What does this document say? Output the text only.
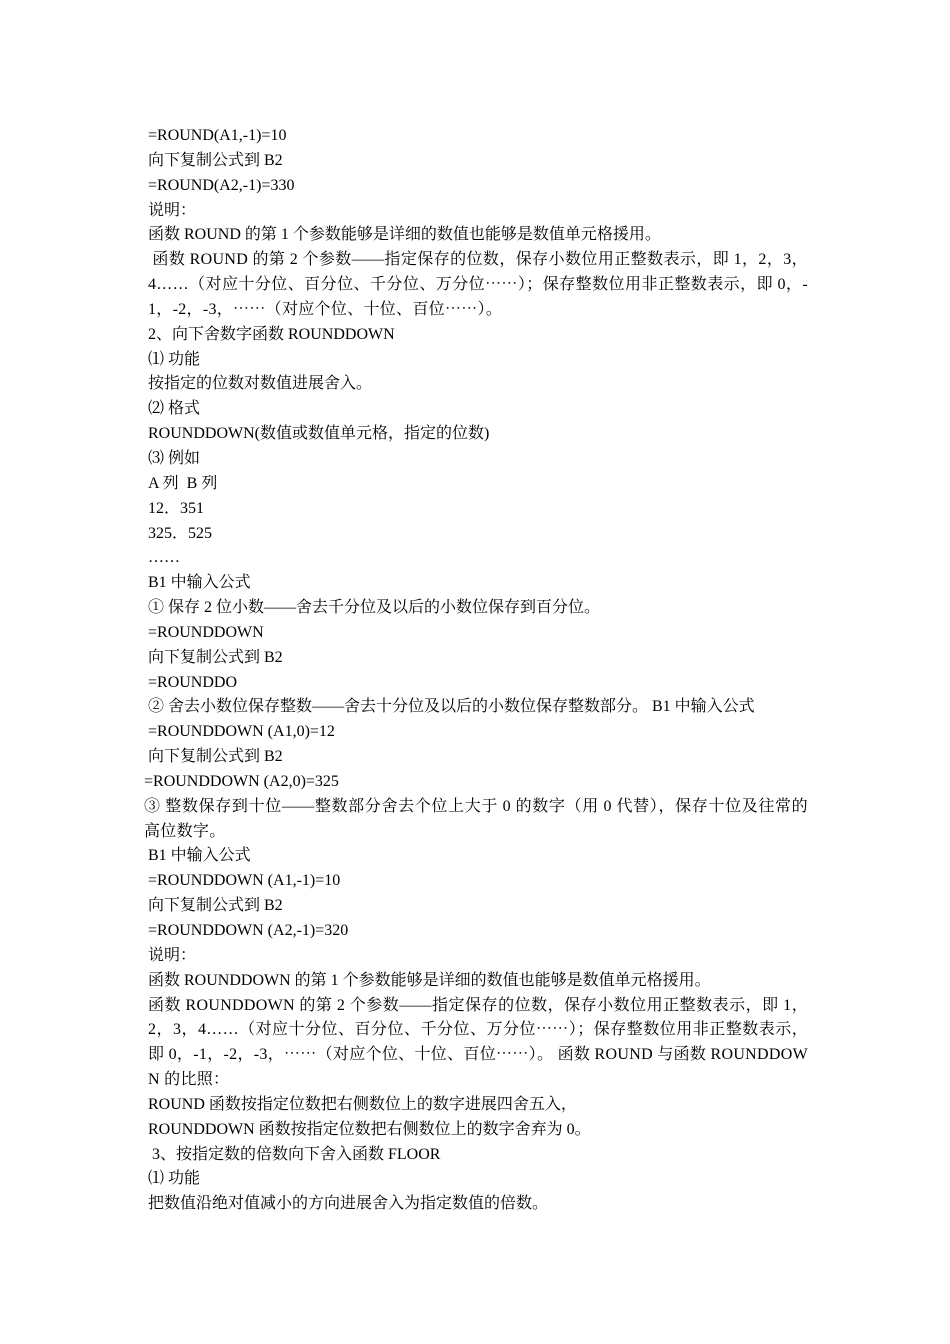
=ROUND(A1,-1)=10
向下复制公式到 B2
=ROUND(A2,-1)=330
说明：
函数 ROUND 的第 1 个参数能够是详细的数值也能够是数值单元格援用。
函数 ROUND 的第 2 个参数——指定保存的位数，保存小数位用正整数表示，即 1，2，3，4……（对应十分位、百分位、千分位、万分位⋯⋯）；保存整数位用非正整数表示，即 0，-1，-2，-3，⋯⋯（对应个位、十位、百位⋯⋯）。
2、向下舍数字函数 ROUNDDOWN
⑴ 功能
按指定的位数对数值进展舍入。
⑵ 格式
ROUNDDOWN(数值或数值单元格，指定的位数)
⑶ 例如
A 列  B 列
12．351
325．525
……
B1 中输入公式
① 保存 2 位小数——舍去千分位及以后的小数位保存到百分位。
=ROUNDDOWN
向下复制公式到 B2
=ROUNDDO
② 舍去小数位保存整数——舍去十分位及以后的小数位保存整数部分。 B1 中输入公式
=ROUNDDOWN (A1,0)=12
向下复制公式到 B2
=ROUNDDOWN (A2,0)=325
③ 整数保存到十位——整数部分舍去个位上大于 0 的数字（用 0 代替），保存十位及往常的高位数字。
B1 中输入公式
=ROUNDDOWN (A1,-1)=10
向下复制公式到 B2
=ROUNDDOWN (A2,-1)=320
说明：
函数 ROUNDDOWN 的第 1 个参数能够是详细的数值也能够是数值单元格援用。
函数 ROUNDDOWN 的第 2 个参数——指定保存的位数，保存小数位用正整数表示，即 1，2，3，4……（对应十分位、百分位、千分位、万分位⋯⋯）；保存整数位用非正整数表示，即 0，-1，-2，-3，⋯⋯（对应个位、十位、百位⋯⋯）。 函数 ROUND 与函数 ROUNDDOWN 的比照：
ROUND 函数按指定位数把右侧数位上的数字进展四舍五入，
ROUNDDOWN 函数按指定位数把右侧数位上的数字舍弃为 0。
3、按指定数的倍数向下舍入函数 FLOOR
⑴ 功能
把数值沿绝对值减小的方向进展舍入为指定数值的倍数。
